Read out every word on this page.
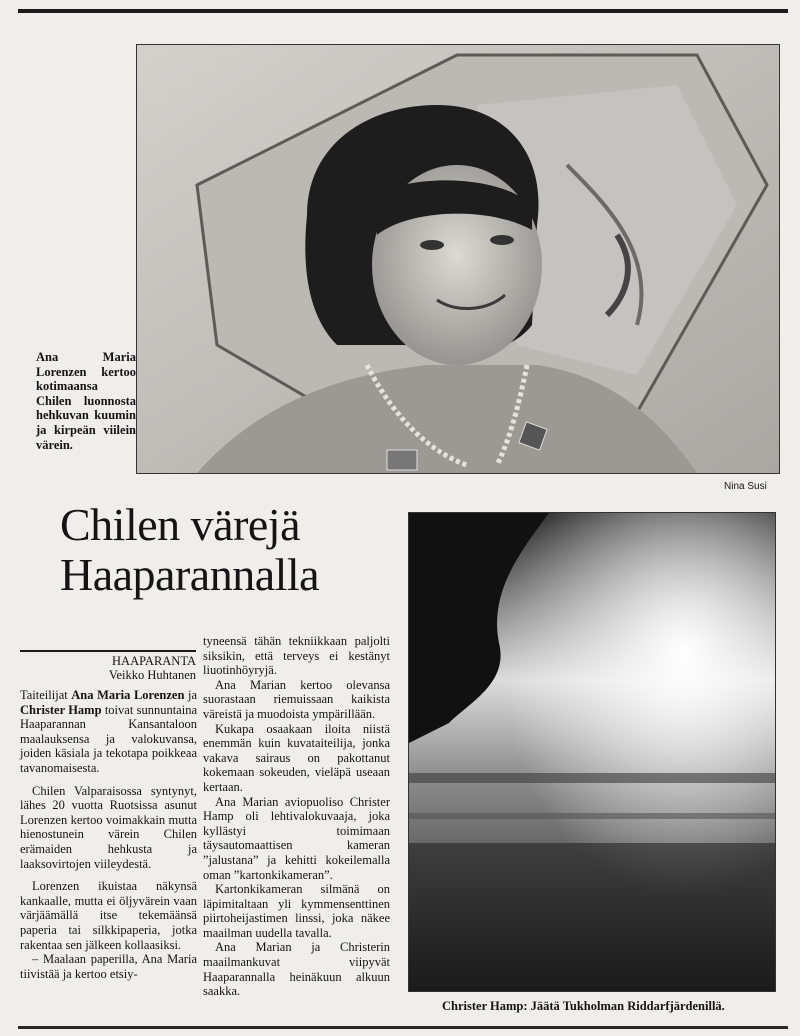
Ana Maria Lorenzen kertoo kotimaansa Chilen luonnosta hehkuvan kuumin ja kirpeän viilein värein.
Nina Susi
Chilen värejä
Haaparannalla
HAAPARANTA
Veikko Huhtanen

Taiteilijat Ana Maria Lorenzen ja Christer Hamp toivat sunnuntaina Haaparannan Kansantaloon maalauksensa ja valokuvansa, joiden käsiala ja tekotapa poikkeaa tavanomaisesta.

Chilen Valparaisossa syntynyt, lähes 20 vuotta Ruotsissa asunut Lorenzen kertoo voimakkain mutta hienostunein värein Chilen erämaiden hehkusta ja laaksovirtojen viileydestä.

Lorenzen ikuistaa näkynsä kankaalle, mutta ei öljyvärein vaan värjäämällä itse tekemäänsä paperia tai silkkipaperia, jotka rakentaa sen jälkeen kollaasiksi.

– Maalaan paperilla, Ana Maria tiivistää ja kertoo etsiy-

tyneensä tähän tekniikkaan paljolti siksikin, että terveys ei kestänyt liuotinhöyryjä.

Ana Marian kertoo olevansa suorastaan riemuissaan kaikista väreistä ja muodoista ympärillään.

Kukapa osaakaan iloita niistä enemmän kuin kuvataiteilija, jonka vakava sairaus on pakottanut kokemaan sokeuden, vieläpä useaan kertaan.

Ana Marian aviopuoliso Christer Hamp oli lehtivalokuvaaja, joka kyllästyi toimimaan täysautomaattisen kameran ”jalustana” ja kehitti kokeilemalla oman ”kartonkikameran”.

Kartonkikameran silmänä on läpimitaltaan yli kymmensenttinen piirtoheijastimen linssi, joka näkee maailman uudella tavalla.

Ana Marian ja Christerin maailmankuvat viipyvät Haaparannalla heinäkuun alkuun saakka.

Christer Hamp: Jäätä Tukholman Riddarfjärdenillä.
